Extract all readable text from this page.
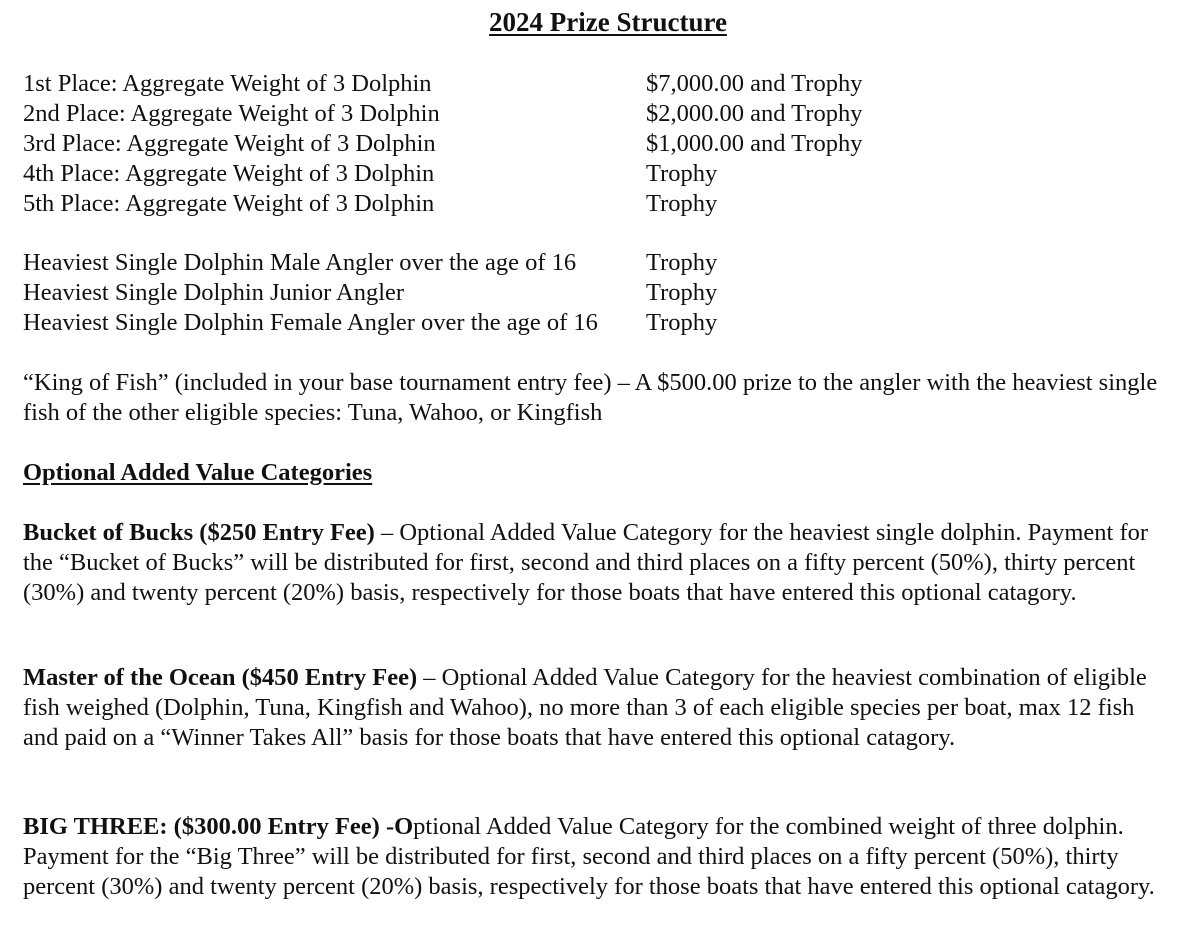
2024 Prize Structure
1st Place: Aggregate Weight of 3 Dolphin	$7,000.00 and Trophy
2nd Place: Aggregate Weight of 3 Dolphin	$2,000.00 and Trophy
3rd Place: Aggregate Weight of 3 Dolphin	$1,000.00 and Trophy
4th Place: Aggregate Weight of 3 Dolphin	Trophy
5th Place: Aggregate Weight of 3 Dolphin	Trophy
Heaviest Single Dolphin Male Angler over the age of 16	Trophy
Heaviest Single Dolphin Junior Angler	Trophy
Heaviest Single Dolphin Female Angler over the age of 16 Trophy

“King of Fish” (included in your base tournament entry fee) – A $500.00 prize to the angler with the heaviest single fish of the other eligible species: Tuna, Wahoo, or Kingfish

Optional Added Value Categories

Bucket of Bucks ($250 Entry Fee) – Optional Added Value Category for the heaviest single dolphin. Payment for the “Bucket of Bucks” will be distributed for first, second and third places on a fifty percent (50%), thirty percent (30%) and twenty percent (20%) basis, respectively for those boats that have entered this optional catagory.

Master of the Ocean ($450 Entry Fee) – Optional Added Value Category for the heaviest combination of eligible fish weighed (Dolphin, Tuna, Kingfish and Wahoo), no more than 3 of each eligible species per boat, max 12 fish and paid on a “Winner Takes All” basis for those boats that have entered this optional catagory.

BIG THREE: ($300.00 Entry Fee) -Optional Added Value Category for the combined weight of three dolphin. Payment for the “Big Three” will be distributed for first, second and third places on a fifty percent (50%), thirty percent (30%) and twenty percent (20%) basis, respectively for those boats that have entered this optional catagory.
